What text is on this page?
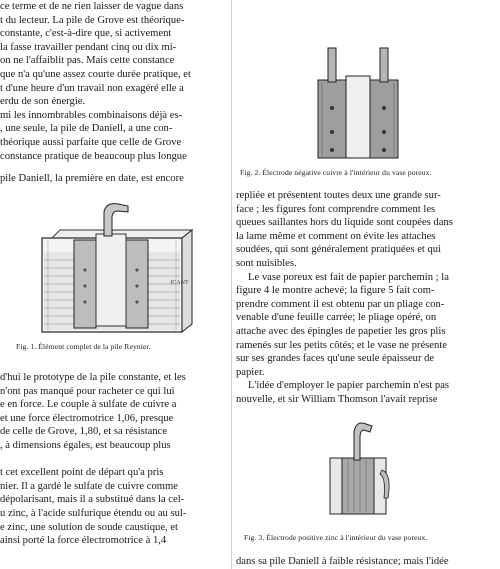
ce terme et de ne rien laisser de vague dans
t du lecteur. La pile de Grove est théorique-
constante, c'est-à-dire que, si activement
la fasse travailler pendant cinq ou dix mi-
on ne l'affaiblit pas. Mais cette constance
que n'a qu'une assez courte durée pratique, et
t d'une heure d'un travail non exagéré elle a
erdu de son énergie.
mi les innombrables combinaisons déjà es-
, une seule, la pile de Daniell, a une con-
théorique aussi parfaite que celle de Grove
constance pratique de beaucoup plus longue
pile Daniell, la première en date, est encore
JCANT
Fig. 1. Élément complet de la pile Reynier.
d'hui le prototype de la pile constante, et les
n'ont pas manqué pour racheter ce qui lui
e en force. Le couple à sulfate de cuivre a
et une force électromotrice 1,06, presque
de celle de Grove, 1,80, et sa résistance
, à dimensions égales, est beaucoup plus
t cet excellent point de départ qu'a pris
nier. Il a gardé le sulfate de cuivre comme
dépolarisant, mais il a substitué dans la cel-
u zinc, à l'acide sulfurique étendu ou au sul-
e zinc, une solution de soude caustique, et
ainsi porté la force électromotrice à 1,4
Fig. 2. Électrode négative cuivre à l'intérieur du vase poreux.
repliée et présentent toutes deux une grande sur-
face ; les figures font comprendre comment les
queues saillantes hors du liquide sont coupées dans
la lame même et comment on évite les attaches
soudées, qui sont généralement pratiquées et qui
sont nuisibles.
Le vase poreux est fait de papier parchemin ; la
figure 4 le montre achevé; la figure 5 fait com-
prendre comment il est obtenu par un pliage con-
venable d'une feuille carrée; le pliage opéré, on
attache avec des épingles de papetier les gros plis
ramenés sur les petits côtés; et le vase ne présente
sur ses grandes faces qu'une seule épaisseur de
papier.
L'idée d'employer le papier parchemin n'est pas
nouvelle, et sir William Thomson l'avait reprise
Fig. 3. Électrode positive zinc à l'intérieur du vase poreux.
dans sa pile Daniell à faible résistance; mais l'idée
